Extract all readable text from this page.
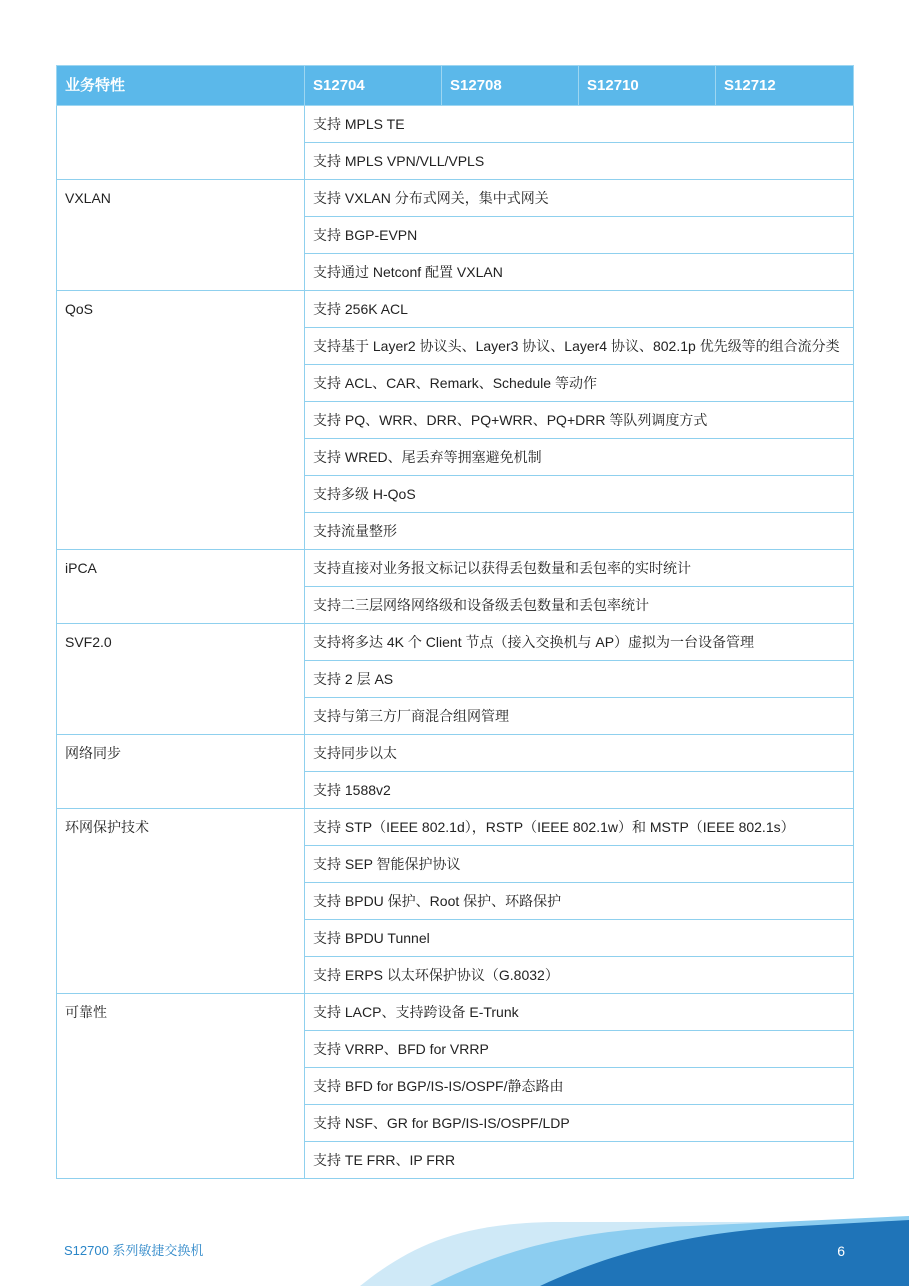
业务特性	S12704	S12708	S12710	S12712
	支持 MPLS TE			
	支持 MPLS VPN/VLL/VPLS			
VXLAN	支持 VXLAN 分布式网关，集中式网关			
	支持 BGP-EVPN			
	支持通过 Netconf 配置 VXLAN			
QoS	支持 256K ACL			
	支持基于 Layer2 协议头、Layer3 协议、Layer4 协议、802.1p 优先级等的组合流分类			
	支持 ACL、CAR、Remark、Schedule 等动作			
	支持 PQ、WRR、DRR、PQ+WRR、PQ+DRR 等队列调度方式			
	支持 WRED、尾丢弃等拥塞避免机制			
	支持多级 H-QoS			
	支持流量整形			
iPCA	支持直接对业务报文标记以获得丢包数量和丢包率的实时统计			
	支持二三层网络网络级和设备级丢包数量和丢包率统计			
SVF2.0	支持将多达 4K 个 Client 节点（接入交换机与 AP）虚拟为一台设备管理			
	支持 2 层 AS			
	支持与第三方厂商混合组网管理			
网络同步	支持同步以太			
	支持 1588v2			
环网保护技术	支持 STP（IEEE 802.1d），RSTP（IEEE 802.1w）和 MSTP（IEEE 802.1s）			
	支持 SEP 智能保护协议			
	支持 BPDU 保护、Root 保护、环路保护			
	支持 BPDU Tunnel			
	支持 ERPS 以太环保护协议（G.8032）			
可靠性	支持 LACP、支持跨设备 E-Trunk			
	支持 VRRP、BFD for VRRP			
	支持 BFD for BGP/IS-IS/OSPF/静态路由			
	支持 NSF、GR for BGP/IS-IS/OSPF/LDP			
	支持 TE FRR、IP FRR			
S12700 系列敏捷交换机	6
